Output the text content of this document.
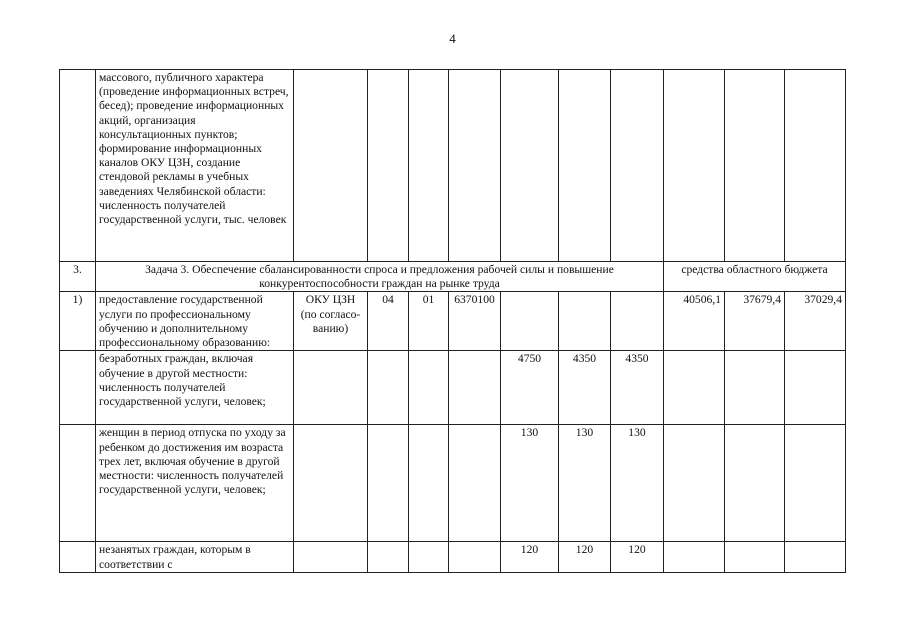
4
	массового, публичного характера (проведение информационных встреч, бесед); проведение информационных акций, организация консультационных пунктов; формирование информационных каналов ОКУ ЦЗН, создание стендовой рекламы в учебных заведениях Челябинской области: численность получателей государственной услуги, тыс. человек										
3.	Задача 3. Обеспечение сбалансированности спроса и предложения рабочей силы и повышение конкурентоспособности граждан на рынке труда								средства областного бюджета		
1)	предоставление государственной услуги по профессиональному обучению и дополнительному профессиональному образованию:	ОКУ ЦЗН (по согласо-ванию)	04	01	6370100				40506,1	37679,4	37029,4
	безработных граждан, включая обучение в другой местности: численность получателей государственной услуги, человек;					4750	4350	4350			
	женщин в период отпуска по уходу за ребенком до достижения им возраста трех лет, включая обучение в другой местности: численность получателей государственной услуги, человек;					130	130	130			
	незанятых граждан, которым в соответствии с					120	120	120			
